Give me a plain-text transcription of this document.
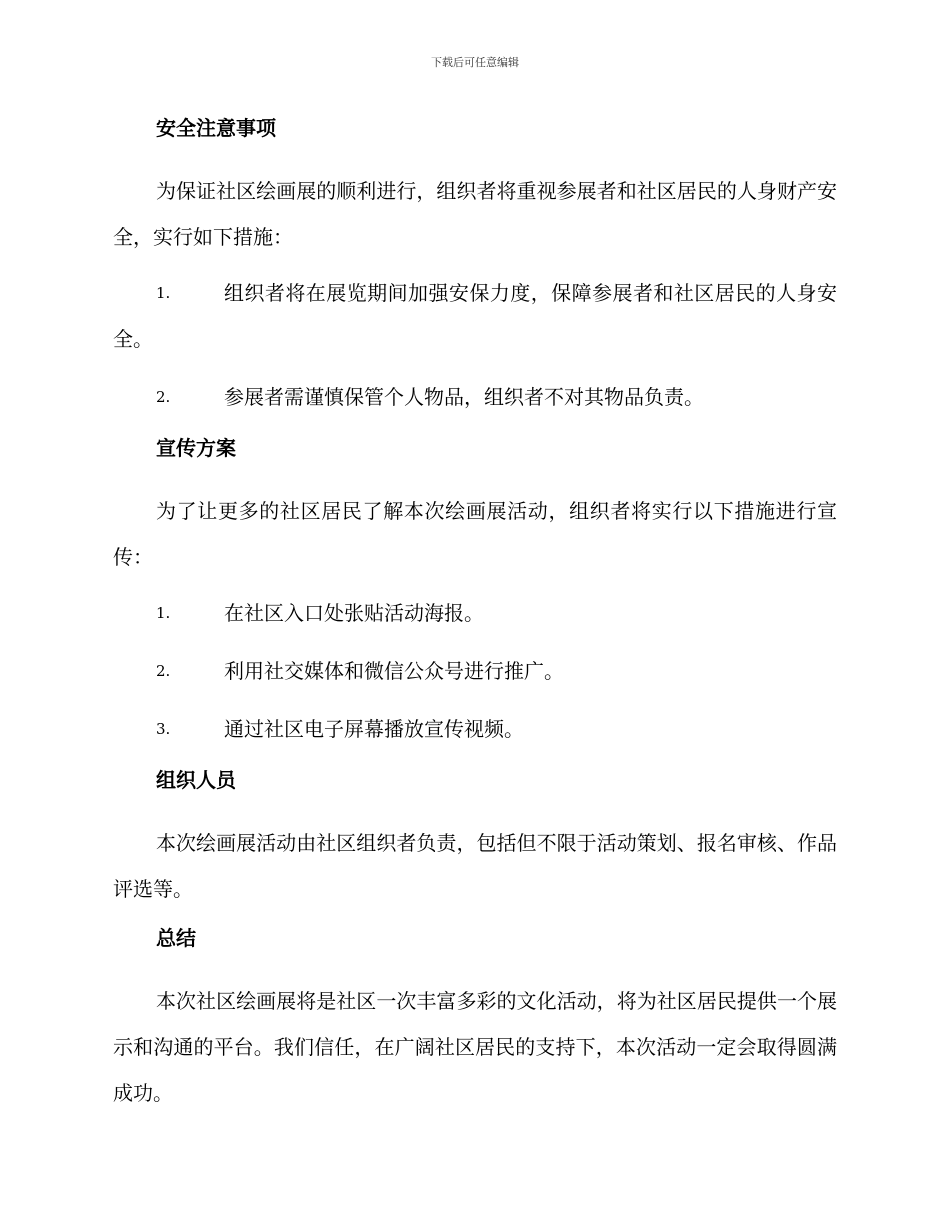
下载后可任意编辑
安全注意事项

为保证社区绘画展的顺利进行，组织者将重视参展者和社区居民的人身财产安全，实行如下措施：

1.	组织者将在展览期间加强安保力度，保障参展者和社区居民的人身安全。
2.	参展者需谨慎保管个人物品，组织者不对其物品负责。
宣传方案

为了让更多的社区居民了解本次绘画展活动，组织者将实行以下措施进行宣传：

1.	在社区入口处张贴活动海报。
2.	利用社交媒体和微信公众号进行推广。
3.	通过社区电子屏幕播放宣传视频。
组织人员

本次绘画展活动由社区组织者负责，包括但不限于活动策划、报名审核、作品评选等。

总结

本次社区绘画展将是社区一次丰富多彩的文化活动，将为社区居民提供一个展示和沟通的平台。我们信任，在广阔社区居民的支持下，本次活动一定会取得圆满成功。
